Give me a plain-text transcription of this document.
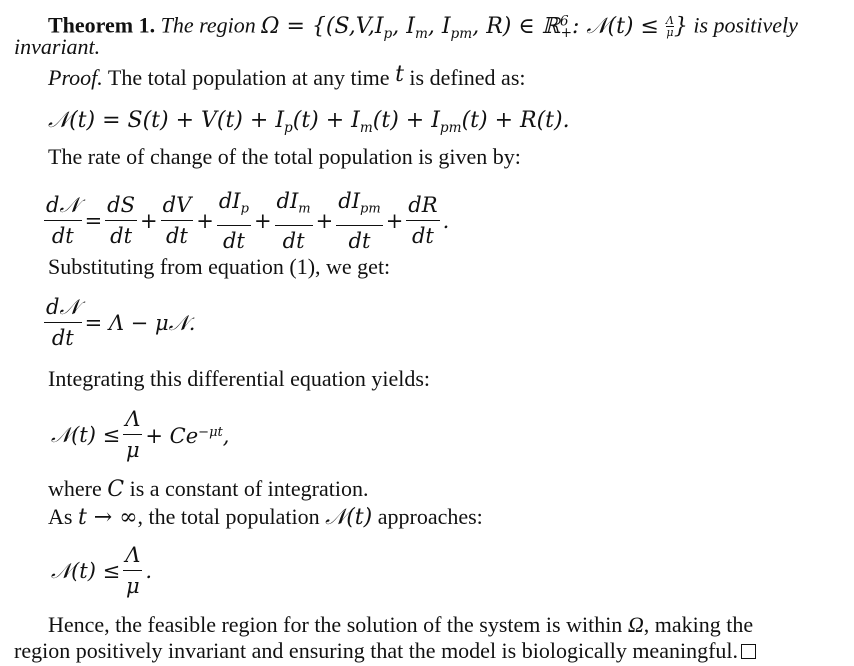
Theorem 1. The region $\Omega = \{(S,V,I_p$, $I_m$, $I_{pm}$, R) ∈ ℝ$^6_+$: 𝒩(t) ≤ $\frac{\Lambda}{\mu}$} is positively
invariant.
Proof. The total population at any time t is defined as:
𝒩(t) = $S(t) + V(t) + I_p(t) + I_m(t) + I_{pm}(t) + R(t)$.
The rate of change of the total population is given by:
$\frac{\text{d𝒩}}{dt} = \frac{dS}{dt} + \frac{dV}{dt} + \frac{dI_p}{dt} + \frac{dI_m}{dt} + \frac{dI_{pm}}{dt} + \frac{dR}{dt}$ .
Substituting from equation (1), we get:
$\frac{\text{d𝒩}}{dt} = \Lambda$ − μ𝒩.
Integrating this differential equation yields:
𝒩(t) ≤ $\frac{\Lambda}{\mu} + Ce^{-\mu t}$,
where C is a constant of integration.
As t → ∞, the total population 𝒩(t) approaches:
𝒩(t) ≤ $\frac{\Lambda}{\mu}$ .
Hence, the feasible region for the solution of the system is within Ω, making the
region positively invariant and ensuring that the model is biologically meaningful.
